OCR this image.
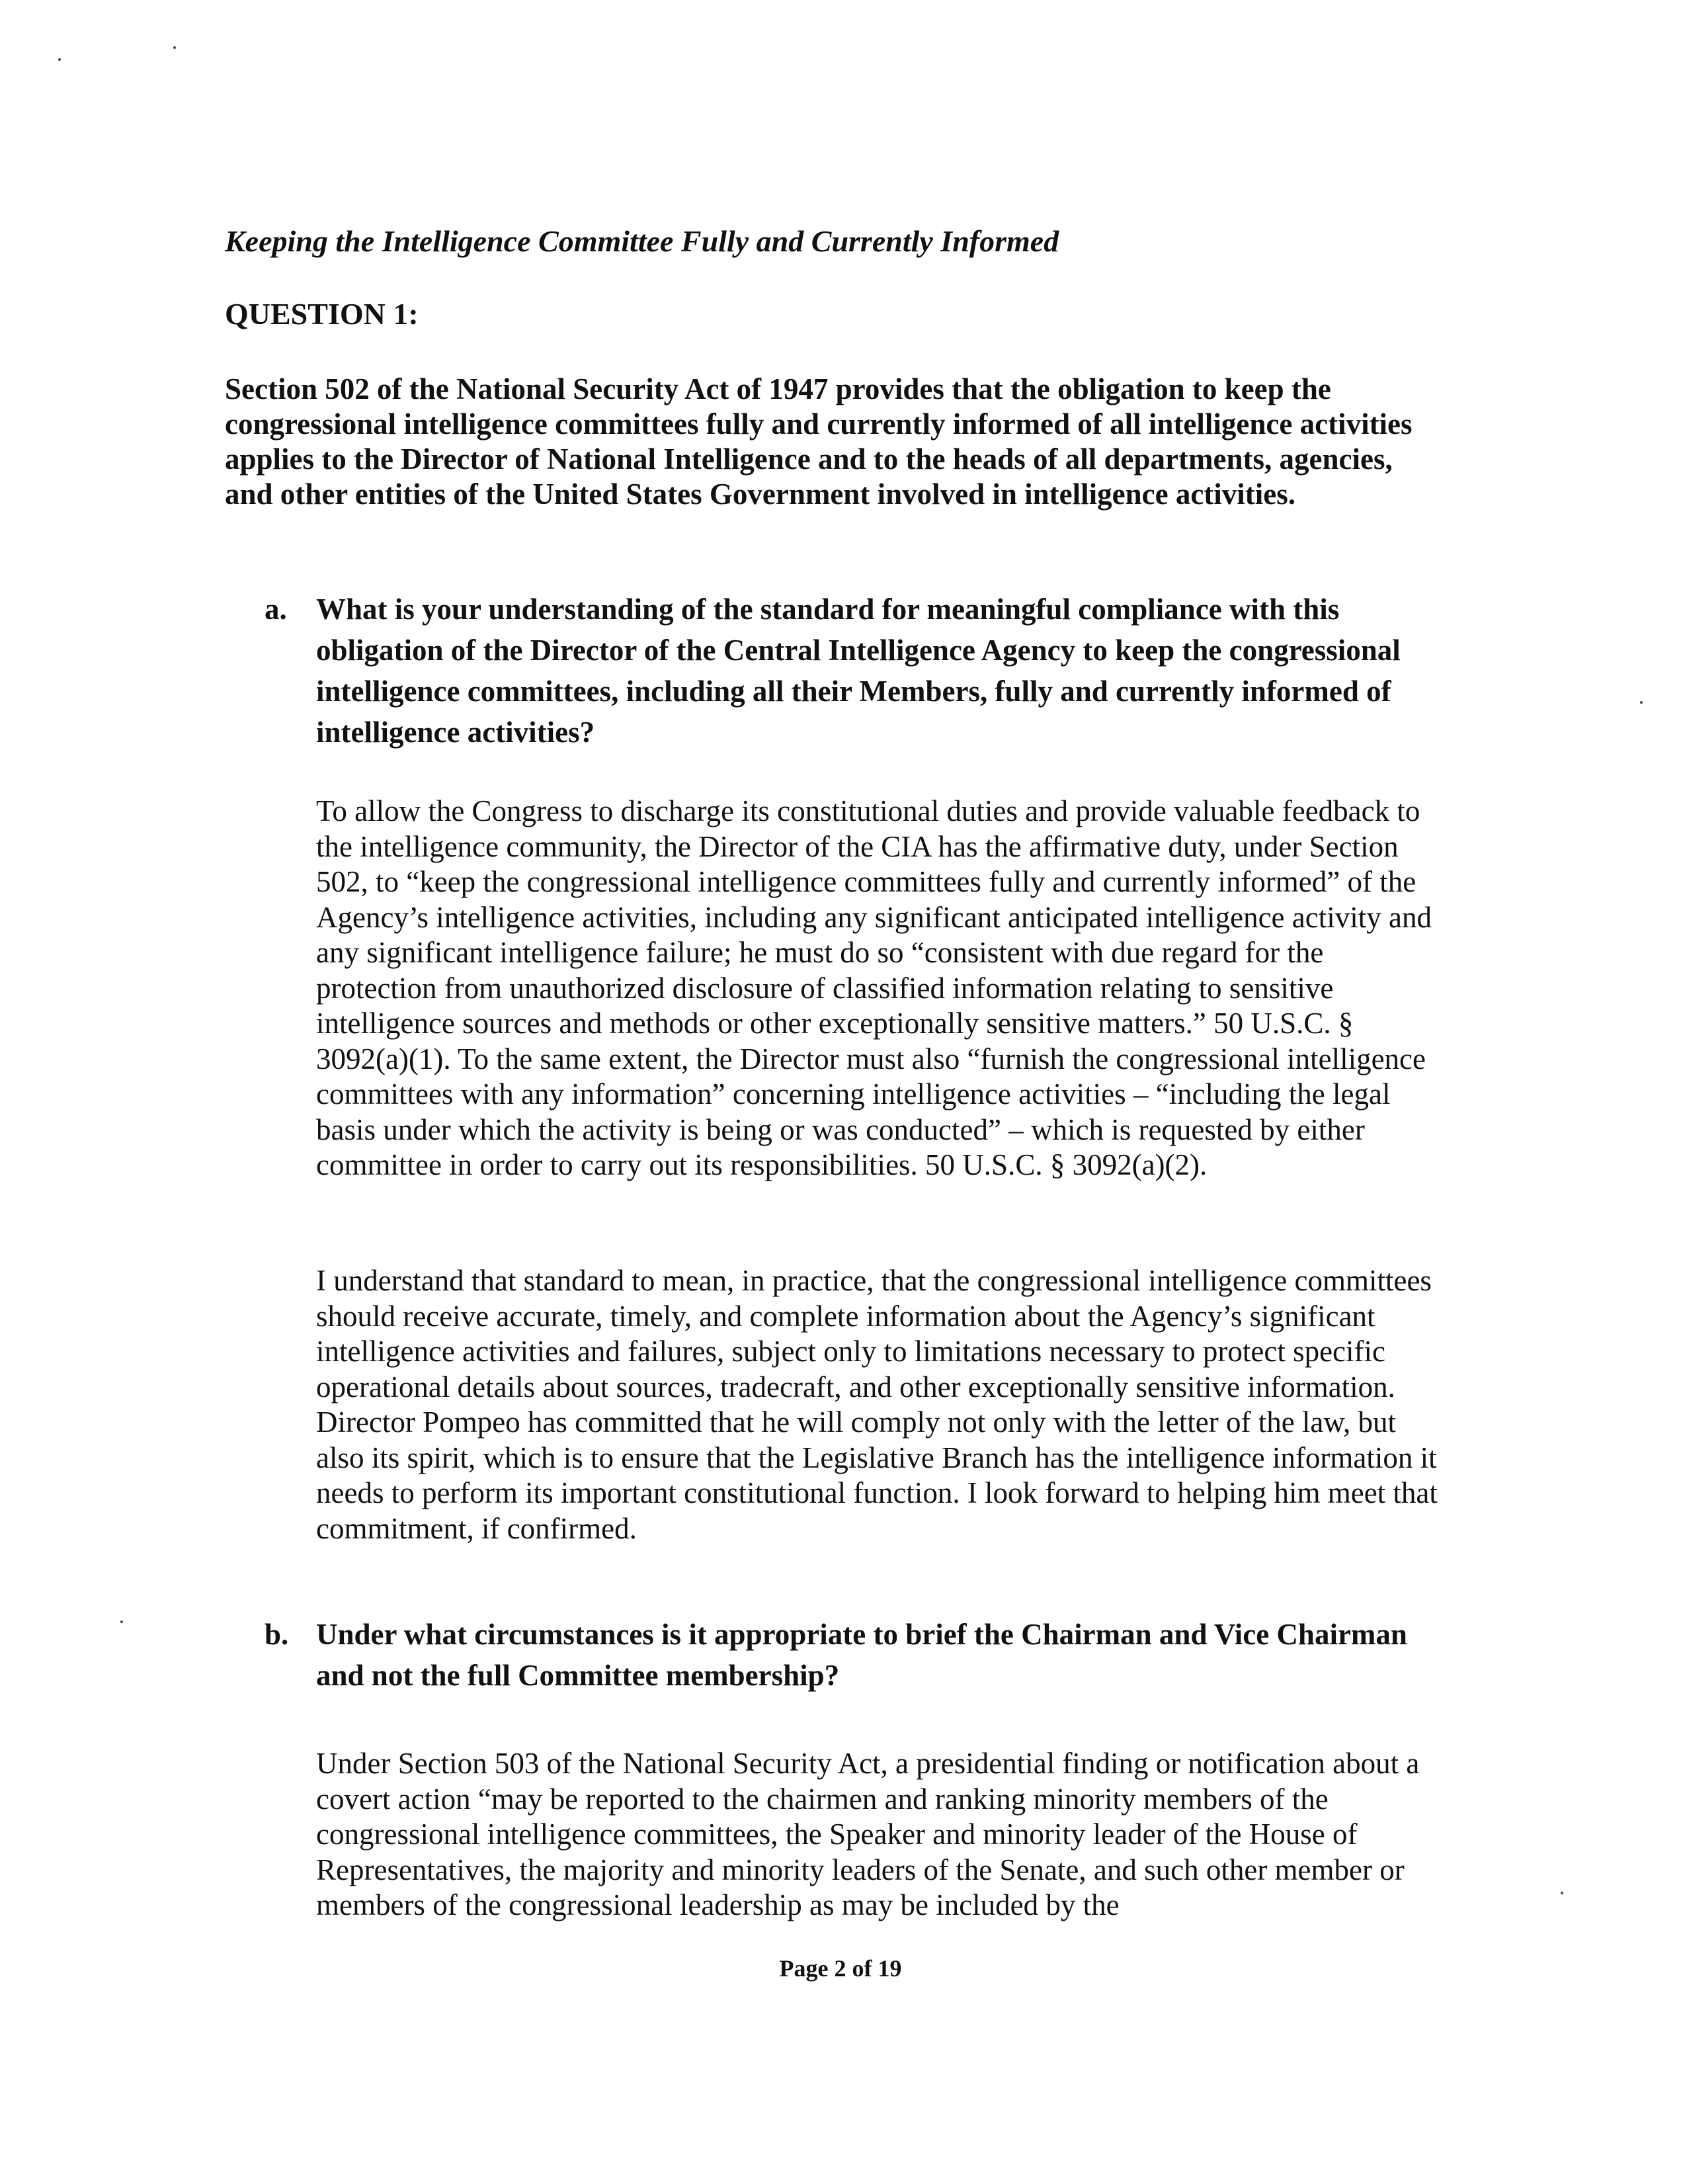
Keeping the Intelligence Committee Fully and Currently Informed

QUESTION 1:

Section 502 of the National Security Act of 1947 provides that the obligation to keep the congressional intelligence committees fully and currently informed of all intelligence activities applies to the Director of National Intelligence and to the heads of all departments, agencies, and other entities of the United States Government involved in intelligence activities.

a. What is your understanding of the standard for meaningful compliance with this obligation of the Director of the Central Intelligence Agency to keep the congressional intelligence committees, including all their Members, fully and currently informed of intelligence activities?

To allow the Congress to discharge its constitutional duties and provide valuable feedback to the intelligence community, the Director of the CIA has the affirmative duty, under Section 502, to “keep the congressional intelligence committees fully and currently informed” of the Agency’s intelligence activities, including any significant anticipated intelligence activity and any significant intelligence failure; he must do so “consistent with due regard for the protection from unauthorized disclosure of classified information relating to sensitive intelligence sources and methods or other exceptionally sensitive matters.” 50 U.S.C. § 3092(a)(1). To the same extent, the Director must also “furnish the congressional intelligence committees with any information” concerning intelligence activities – “including the legal basis under which the activity is being or was conducted” – which is requested by either committee in order to carry out its responsibilities. 50 U.S.C. § 3092(a)(2).

I understand that standard to mean, in practice, that the congressional intelligence committees should receive accurate, timely, and complete information about the Agency’s significant intelligence activities and failures, subject only to limitations necessary to protect specific operational details about sources, tradecraft, and other exceptionally sensitive information. Director Pompeo has committed that he will comply not only with the letter of the law, but also its spirit, which is to ensure that the Legislative Branch has the intelligence information it needs to perform its important constitutional function. I look forward to helping him meet that commitment, if confirmed.

b. Under what circumstances is it appropriate to brief the Chairman and Vice Chairman and not the full Committee membership?

Under Section 503 of the National Security Act, a presidential finding or notification about a covert action “may be reported to the chairmen and ranking minority members of the congressional intelligence committees, the Speaker and minority leader of the House of Representatives, the majority and minority leaders of the Senate, and such other member or members of the congressional leadership as may be included by the

Page 2 of 19
